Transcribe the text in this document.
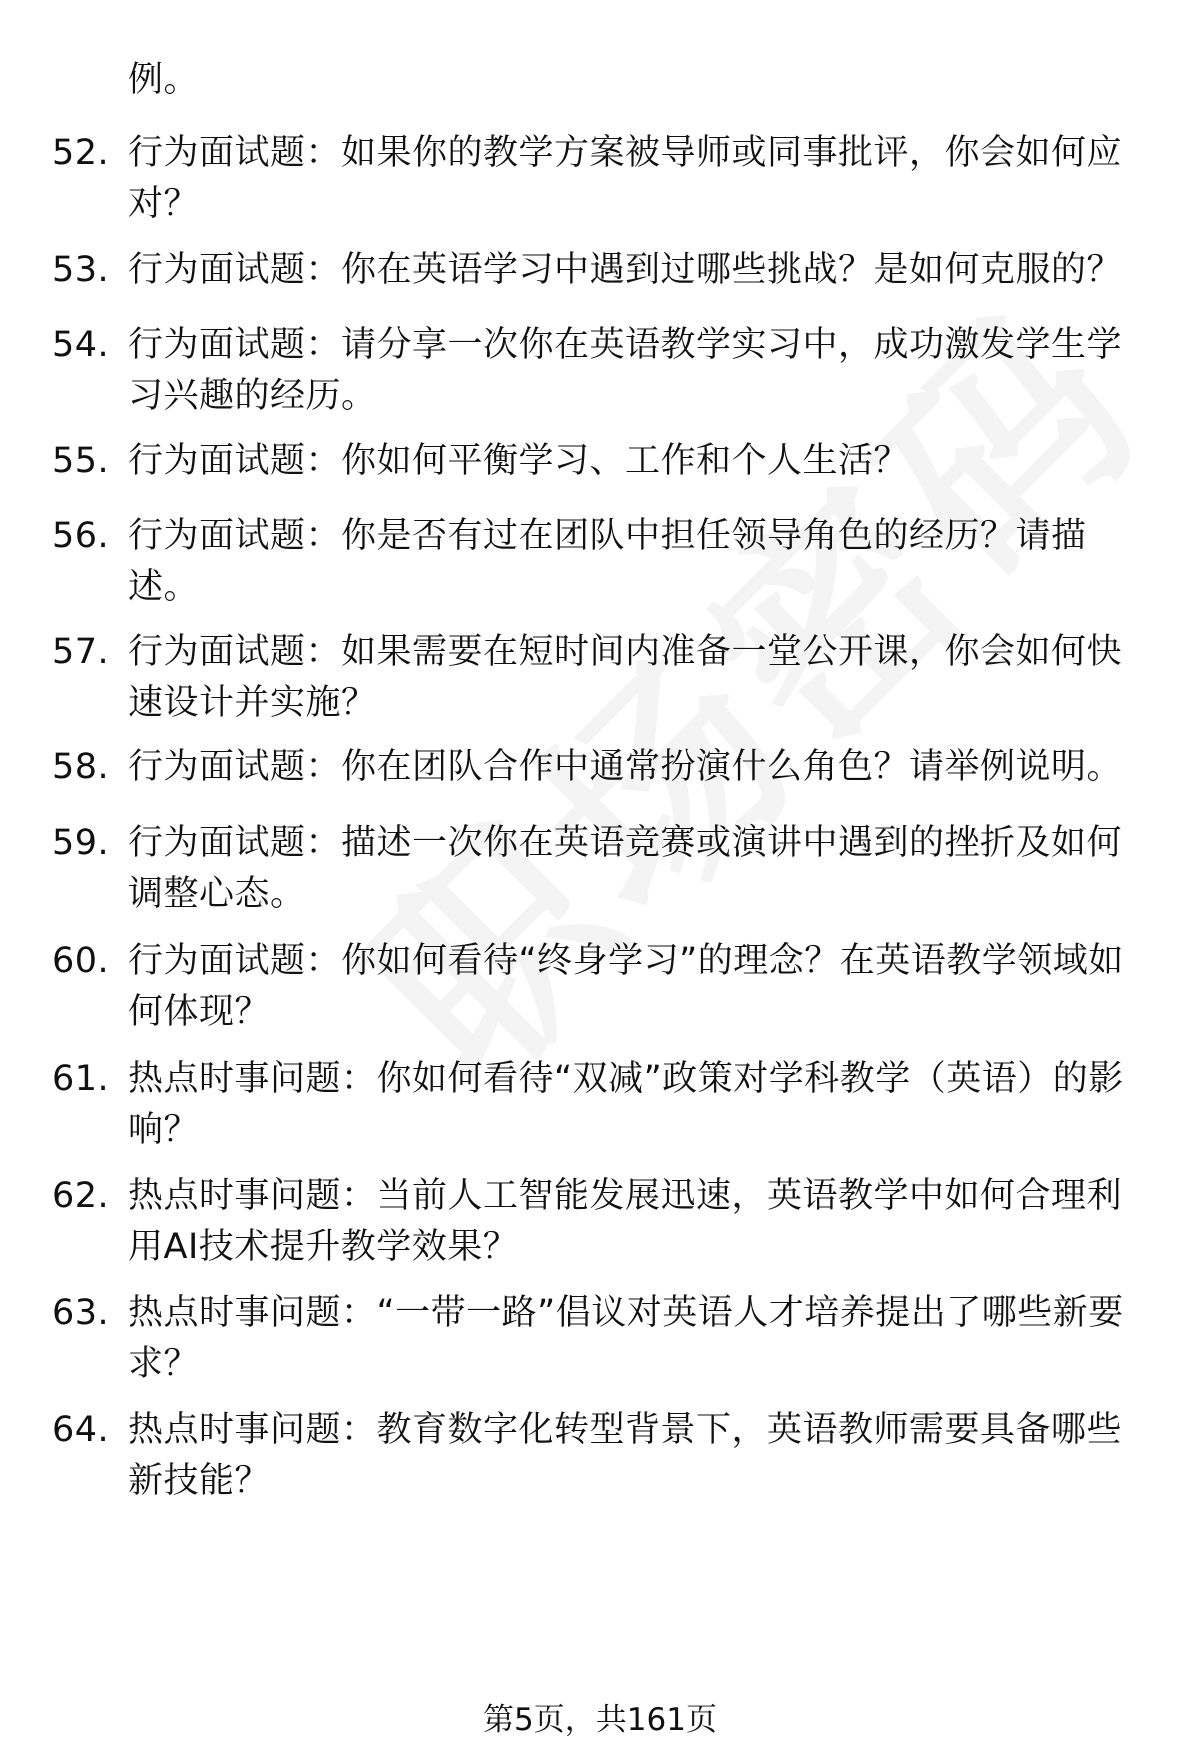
例。
52. 行为面试题：如果你的教学方案被导师或同事批评，你会如何应对？
53. 行为面试题：你在英语学习中遇到过哪些挑战？是如何克服的？
54. 行为面试题：请分享一次你在英语教学实习中，成功激发学生学习兴趣的经历。
55. 行为面试题：你如何平衡学习、工作和个人生活？
56. 行为面试题：你是否有过在团队中担任领导角色的经历？请描述。
57. 行为面试题：如果需要在短时间内准备一堂公开课，你会如何快速设计并实施？
58. 行为面试题：你在团队合作中通常扮演什么角色？请举例说明。
59. 行为面试题：描述一次你在英语竞赛或演讲中遇到的挫折及如何调整心态。
60. 行为面试题：你如何看待“终身学习”的理念？在英语教学领域如何体现？
61. 热点时事问题：你如何看待“双减”政策对学科教学（英语）的影响？
62. 热点时事问题：当前人工智能发展迅速，英语教学中如何合理利用AI技术提升教学效果？
63. 热点时事问题：“一带一路”倡议对英语人才培养提出了哪些新要求？
64. 热点时事问题：教育数字化转型背景下，英语教师需要具备哪些新技能？
第5页，共161页
